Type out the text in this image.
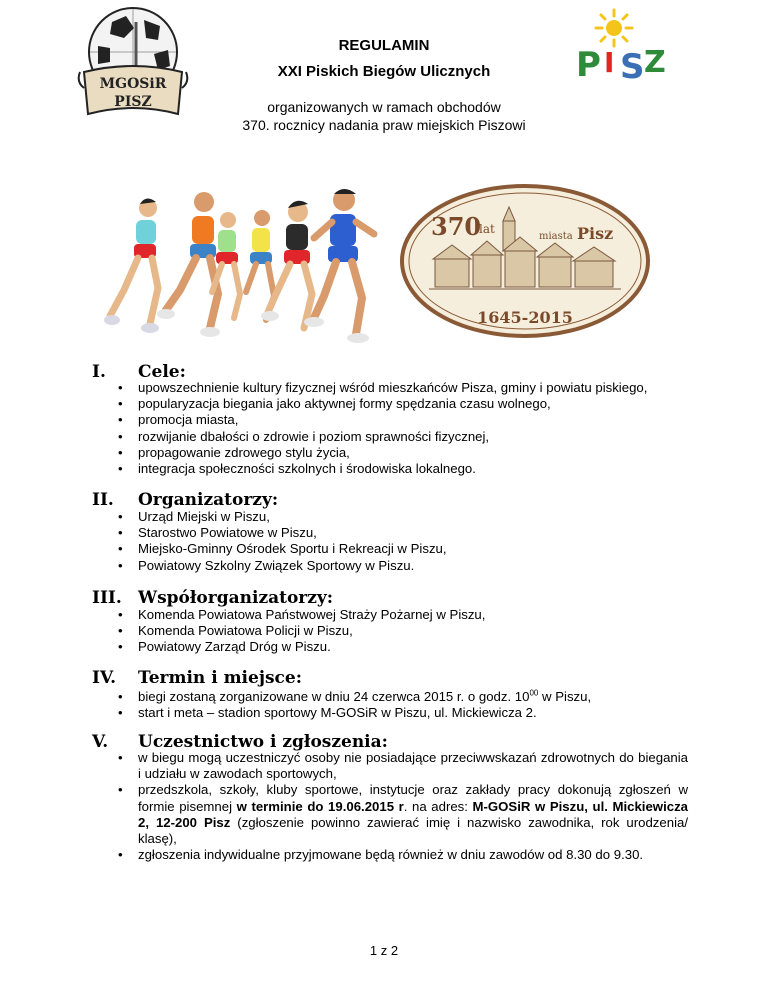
MGOSiR
PISZ
P I S Z
REGULAMIN
XXI Piskich Biegów Ulicznych
organizowanych w ramach obchodów
370. rocznicy nadania praw miejskich Piszowi
370
lat
miasta Pisz
1645-2015
I. Cele:
• upowszechnienie kultury fizycznej wśród mieszkańców Pisza, gminy i powiatu piskiego,
• popularyzacja biegania jako aktywnej formy spędzania czasu wolnego,
• promocja miasta,
• rozwijanie dbałości o zdrowie i poziom sprawności fizycznej,
• propagowanie zdrowego stylu życia,
• integracja społeczności szkolnych i środowiska lokalnego.
II. Organizatorzy:
• Urząd Miejski w Piszu,
• Starostwo Powiatowe w Piszu,
• Miejsko-Gminny Ośrodek Sportu i Rekreacji w Piszu,
• Powiatowy Szkolny Związek Sportowy w Piszu.
III. Współorganizatorzy:
• Komenda Powiatowa Państwowej Straży Pożarnej w Piszu,
• Komenda Powiatowa Policji w Piszu,
• Powiatowy Zarząd Dróg w Piszu.
IV. Termin i miejsce:
• biegi zostaną zorganizowane w dniu 24 czerwca 2015 r. o godz. $10^{00}$ w Piszu,
• start i meta – stadion sportowy M-GOSiR w Piszu, ul. Mickiewicza 2.
V. Uczestnictwo i zgłoszenia:
• w biegu mogą uczestniczyć osoby nie posiadające przeciwwskazań zdrowotnych do biegania i udziału w zawodach sportowych,
• przedszkola, szkoły, kluby sportowe, instytucje oraz zakłady pracy dokonują zgłoszeń w formie pisemnej w terminie do 19.06.2015 r. na adres: M-GOSiR w Piszu, ul. Mickiewicza 2, 12-200 Pisz (zgłoszenie powinno zawierać imię i nazwisko zawodnika, rok urodzenia/ klasę),
• zgłoszenia indywidualne przyjmowane będą również w dniu zawodów od 8.30 do 9.30.
1 z 2
